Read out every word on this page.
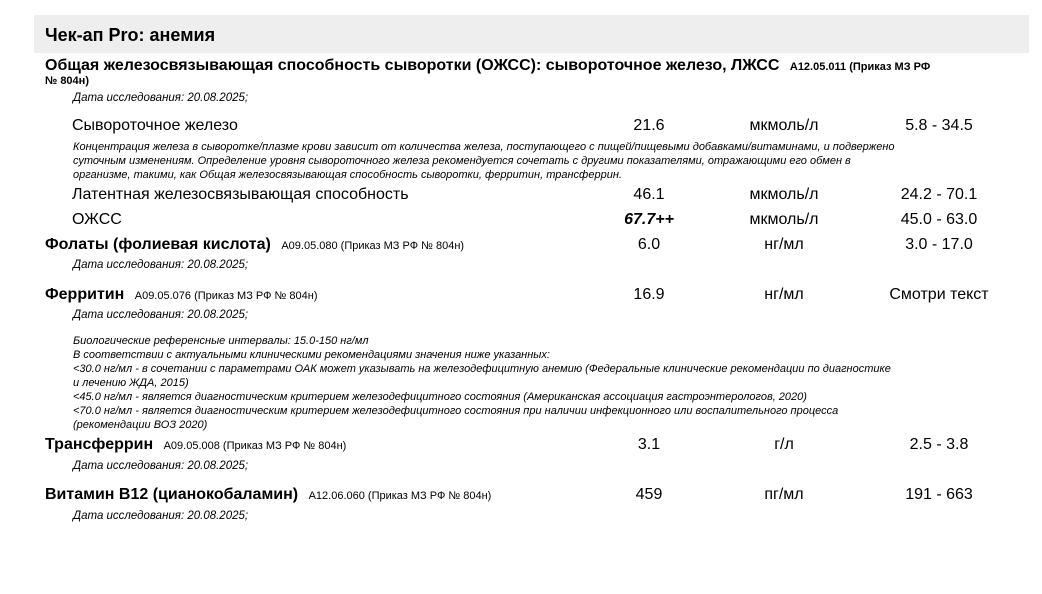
Чек-ап Pro: анемия
Общая железосвязывающая способность сыворотки (ОЖСС): сывороточное железо, ЛЖСС A12.05.011 (Приказ МЗ РФ
№ 804н)
Дата исследования: 20.08.2025;
Сывороточное железо	21.6	мкмоль/л	5.8 - 34.5
Концентрация железа в сыворотке/плазме крови зависит от количества железа, поступающего с пищей/пищевыми добавками/витаминами, и подвержено
суточным изменениям. Определение уровня сывороточного железа рекомендуется сочетать с другими показателями, отражающими его обмен в
организме, такими, как Общая железосвязывающая способность сыворотки, ферритин, трансферрин.
Латентная железосвязывающая способность	46.1	мкмоль/л	24.2 - 70.1
ОЖСС	67.7++	мкмоль/л	45.0 - 63.0
Фолаты (фолиевая кислота) A09.05.080 (Приказ МЗ РФ № 804н)	6.0	нг/мл	3.0 - 17.0
Дата исследования: 20.08.2025;
Ферритин A09.05.076 (Приказ МЗ РФ № 804н)	16.9	нг/мл	Смотри текст
Дата исследования: 20.08.2025;
Биологические референсные интервалы: 15.0-150 нг/мл
В соответствии с актуальными клиническими рекомендациями значения ниже указанных:
<30.0 нг/мл - в сочетании с параметрами ОАК может указывать на железодефицитную анемию (Федеральные клинические рекомендации по диагностике
и лечению ЖДА, 2015)
<45.0 нг/мл - является диагностическим критерием железодефицитного состояния (Американская ассоциация гастроэнтерологов, 2020)
<70.0 нг/мл - является диагностическим критерием железодефицитного состояния при наличии инфекционного или воспалительного процесса
(рекомендации ВОЗ 2020)
Трансферрин A09.05.008 (Приказ МЗ РФ № 804н)	3.1	г/л	2.5 - 3.8
Дата исследования: 20.08.2025;
Витамин B12 (цианокобаламин) A12.06.060 (Приказ МЗ РФ № 804н)	459	пг/мл	191 - 663
Дата исследования: 20.08.2025;
